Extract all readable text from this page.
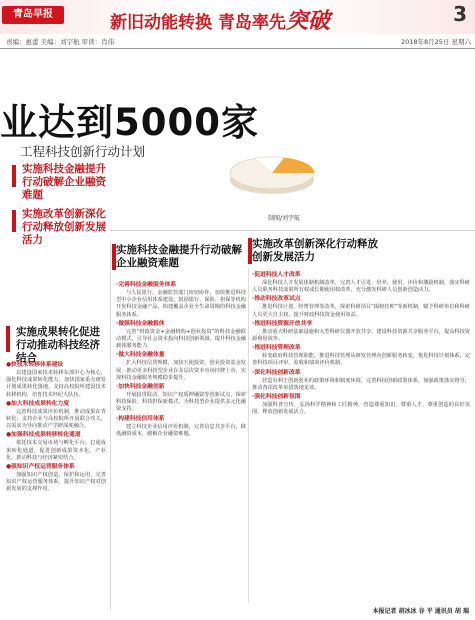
青岛早报	新旧动能转换 青岛率先突破	3
责编：惠蕾 美编：刘宇航 审读：肖伟	2018年8月25日 星期六
业达到5000家
工程科技创新行动计划
实施科技金融提升行动破解企业融资难题
实施改革创新深化行动释放创新发展活力
制图/刘宇航
实施成果转化促进行动推动科技经济结合
实施科技金融提升行动破解企业融资难题
实施改革创新深化行动释放创新发展活力
●快技术转移体系建设

以建设国家技术转移东部中心为核心，强化科技成果转化能力。加快国家重点研发计划成果转化落地，支持高校院所建设技术转移机构，培育技术经纪人队伍。

●加大科技成果转化力度

完善科技成果评价机制，推动成果在青转化；支持企业与高校院所开展联合攻关，以需求为导向推动产学研深度融合。

●加强科技成果转移转化通道

依托技术交易市场与孵化平台，打通成果转化通道，促进创新成果资本化、产业化，推动科技与经济紧密结合。

●强知识产权运营服务体系

加强知识产权创造、保护和运用，完善知识产权运营服务体系，提升知识产权对创新发展的支撑作用。

·完善科技金融服务体系

与人民银行、金融监管部门密切协作，加快推进科技型中小企业信用体系建设，鼓励银行、保险、担保等机构开发科技金融产品，构建覆盖企业全生命周期的科技金融服务体系。

·做强科技金融载体

完善“财政资金+金融机构+创业投资”的科技金融联动模式，引导社会资本投向科技创新领域，提升科技金融载体服务能力。

·做大科技金融体量

扩大科技信贷规模，加快天使投资、创业投资基金发展，推动更多科技型企业在多层次资本市场挂牌上市，实现科技金融服务规模稳步提升。

·加快科技金融创新

开展投贷联动、知识产权质押融资等创新试点，探索科技保险、科技担保新模式，为科技型企业提供多元化融资支持。

·构建科技信用体系

建立科技企业信用评价机制，完善信息共享平台，降低融资成本，破解企业融资难题。

·促进科技人才改革

深化科技人才发展体制机制改革，完善人才引进、培养、使用、评价和激励机制，落实科研人员职务科技成果所有权或长期使用权改革，充分激发科研人员创新创造活力。

·推动科技改革试点

推进科技计划、经费管理等改革，探索科研项目“揭榜挂帅”等新机制，赋予科研单位和科研人员更大自主权，提升财政科技资金使用效益。

·推进科技资源开放共享

推动重大科研基础设施和大型科研仪器开放共享，建设科技资源共享服务平台，提高科技资源利用效率。

·推进科技管理改革

转变政府科技管理职能，推进科技管理从研发管理向创新服务转变，优化科技计划体系，完善科技项目评审、验收和绩效评价机制。

·深化科技创新改革

营造有利于创新创业的政策环境和制度环境，完善科技创新政策体系，加强政策落实督导，推动各项改革举措落地见效。

·强化科技创新氛围

加强科普宣传，弘扬科学精神和工匠精神，营造尊重知识、尊重人才、尊重创造的良好氛围，释放创新发展活力。

本报记者 胡冰冰 谷 平 通讯员 胡 瑞
